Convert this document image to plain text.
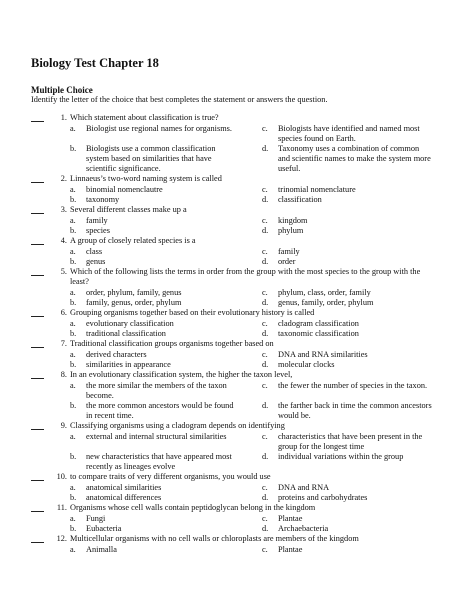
Biology Test Chapter 18
Multiple Choice
Identify the letter of the choice that best completes the statement or answers the question.
1. Which statement about classification is true?
a. Biologist use regional names for organisms.
b. Biologists use a common classification system based on similarities that have scientific significance.
c. Biologists have identified and named most species found on Earth.
d. Taxonomy uses a combination of common and scientific names to make the system more useful.
2. Linnaeus’s two-word naming system is called
a. binomial nomenclautre
b. taxonomy
c. trinomial nomenclature
d. classification
3. Several different classes make up a
a. family
b. species
c. kingdom
d. phylum
4. A group of closely related species is a
a. class
b. genus
c. family
d. order
5. Which of the following lists the terms in order from the group with the most species to the group with the least?
a. order, phylum, family, genus
b. family, genus, order, phylum
c. phylum, class, order, family
d. genus, family, order, phylum
6. Grouping organisms together based on their evolutionary history is called
a. evolutionary classification
b. traditional classification
c. cladogram classification
d. taxonomic classification
7. Traditional classification groups organisms together based on
a. derived characters
b. similarities in appearance
c. DNA and RNA similarities
d. molecular clocks
8. In an evolutionary classification system, the higher the taxon level,
a. the more similar the members of the taxon become.
b. the more common ancestors would be found in recent time.
c. the fewer the number of species in the taxon.
d. the farther back in time the common ancestors would be.
9. Classifying organisms using a cladogram depends on identifying
a. external and internal structural similarities
b. new characteristics that have appeared most recently as lineages evolve
c. characteristics that have been present in the group for the longest time
d. individual variations within the group
10. to compare traits of very different organisms, you would use
a. anatomical similarities
b. anatomical differences
c. DNA and RNA
d. proteins and carbohydrates
11. Organisms whose cell walls contain peptidoglycan belong in the kingdom
a. Fungi
b. Eubacteria
c. Plantae
d. Archaebacteria
12. Multicellular organisms with no cell walls or chloroplasts are members of the kingdom
a. Animalla	c. Plantae
